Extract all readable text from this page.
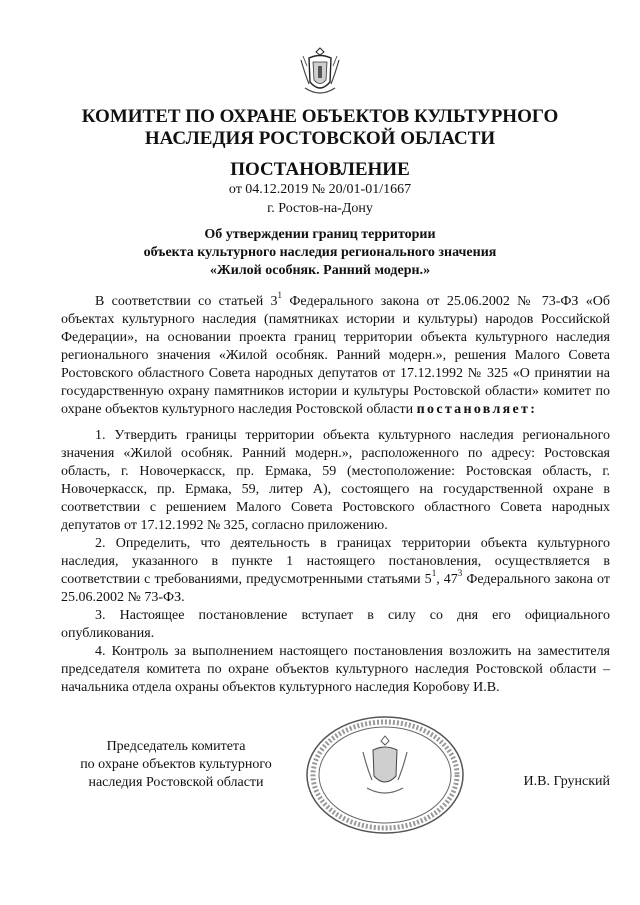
КОМИТЕТ ПО ОХРАНЕ ОБЪЕКТОВ КУЛЬТУРНОГО
НАСЛЕДИЯ РОСТОВСКОЙ ОБЛАСТИ
ПОСТАНОВЛЕНИЕ
от 04.12.2019 № 20/01-01/1667
г. Ростов-на-Дону
Об утверждении границ территории
объекта культурного наследия регионального значения
«Жилой особняк. Ранний модерн.»

В соответствии со статьей $3^1$ Федерального закона от 25.06.2002 № 73-ФЗ «Об объектах культурного наследия (памятниках истории и культуры) народов Российской Федерации», на основании проекта границ территории объекта культурного наследия регионального значения «Жилой особняк. Ранний модерн.», решения Малого Совета Ростовского областного Совета народных депутатов от 17.12.1992 № 325 «О принятии на государственную охрану памятников истории и культуры Ростовской области» комитет по охране объектов культурного наследия Ростовской области постановляет:

1. Утвердить границы территории объекта культурного наследия регионального значения «Жилой особняк. Ранний модерн.», расположенного по адресу: Ростовская область, г. Новочеркасск, пр. Ермака, 59 (местоположение: Ростовская область, г. Новочеркасск, пр. Ермака, 59, литер А), состоящего на государственной охране в соответствии с решением Малого Совета Ростовского областного Совета народных депутатов от 17.12.1992 № 325, согласно приложению.

2. Определить, что деятельность в границах территории объекта культурного наследия, указанного в пункте 1 настоящего постановления, осуществляется в соответствии с требованиями, предусмотренными статьями $5^1$, $47^3$ Федерального закона от 25.06.2002 № 73-ФЗ.

3. Настоящее постановление вступает в силу со дня его официального опубликования.

4. Контроль за выполнением настоящего постановления возложить на заместителя председателя комитета по охране объектов культурного наследия Ростовской области – начальника отдела охраны объектов культурного наследия Коробову И.В.

Председатель комитета
по охране объектов культурного
наследия Ростовской области	И.В. Грунский
